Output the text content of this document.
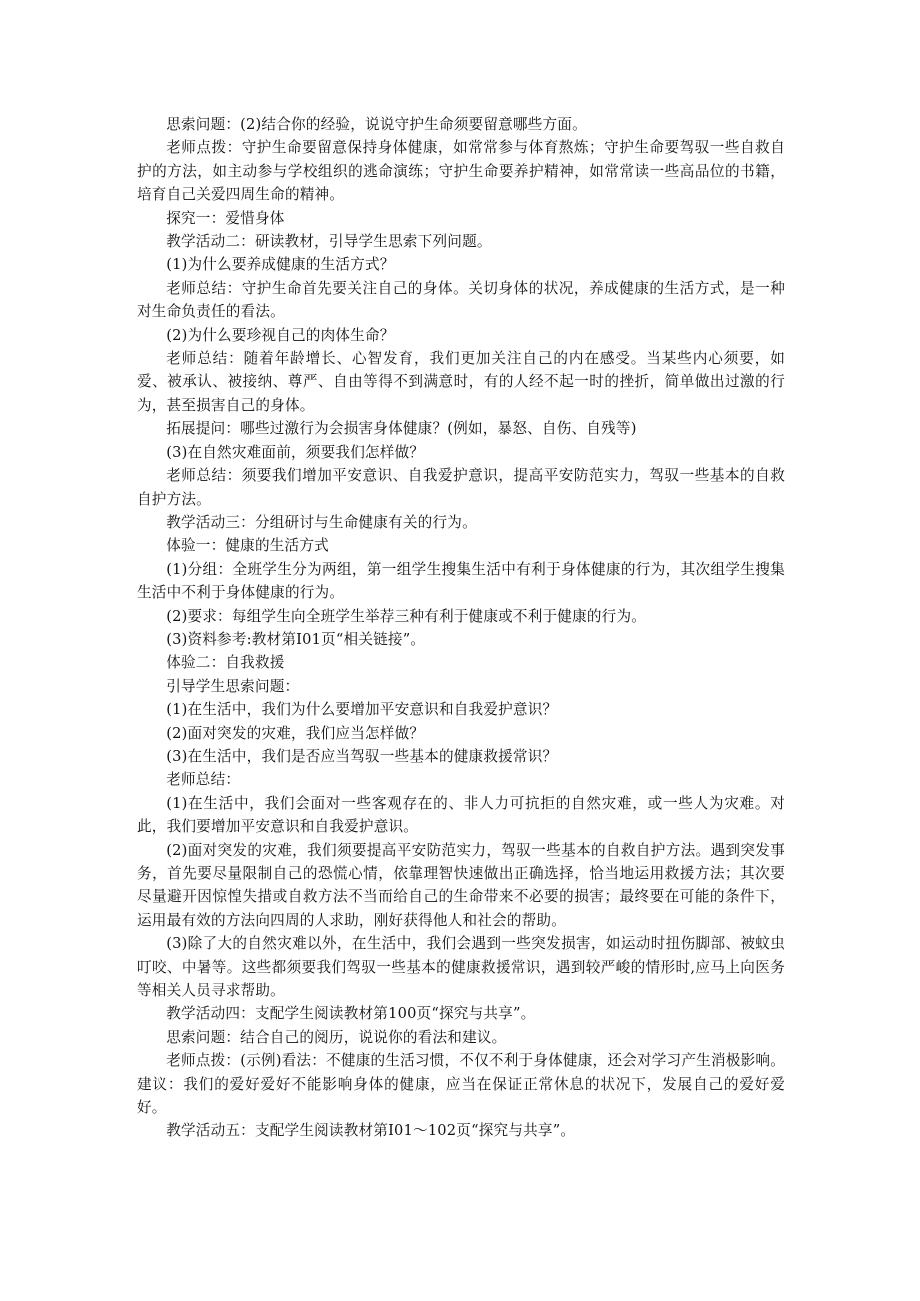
思索问题：(2)结合你的经验，说说守护生命须要留意哪些方面。

老师点拨：守护生命要留意保持身体健康，如常常参与体育熬炼；守护生命要驾驭一些自救自护的方法，如主动参与学校组织的逃命演练；守护生命要养护精神，如常常读一些高品位的书籍，培育自己关爱四周生命的精神。

探究一：爱惜身体

教学活动二：研读教材，引导学生思索下列问题。

(1)为什么要养成健康的生活方式？

老师总结：守护生命首先要关注自己的身体。关切身体的状况，养成健康的生活方式，是一种对生命负责任的看法。

(2)为什么要珍视自己的肉体生命？

老师总结：随着年龄增长、心智发育，我们更加关注自己的内在感受。当某些内心须要，如爱、被承认、被接纳、尊严、自由等得不到满意时，有的人经不起一时的挫折，简单做出过激的行为，甚至损害自己的身体。

拓展提问：哪些过激行为会损害身体健康？(例如，暴怒、自伤、自残等)

(3)在自然灾难面前，须要我们怎样做？

老师总结：须要我们增加平安意识、自我爱护意识，提高平安防范实力，驾驭一些基本的自救自护方法。

教学活动三：分组研讨与生命健康有关的行为。

体验一：健康的生活方式

(1)分组：全班学生分为两组，第一组学生搜集生活中有利于身体健康的行为，其次组学生搜集生活中不利于身体健康的行为。

(2)要求：每组学生向全班学生举荐三种有利于健康或不利于健康的行为。

(3)资料参考:教材第I01页“相关链接”。

体验二：自我救援

引导学生思索问题：

(1)在生活中，我们为什么要增加平安意识和自我爱护意识？

(2)面对突发的灾难，我们应当怎样做？

(3)在生活中，我们是否应当驾驭一些基本的健康救援常识？

老师总结：

(1)在生活中，我们会面对一些客观存在的、非人力可抗拒的自然灾难，或一些人为灾难。对此，我们要增加平安意识和自我爱护意识。

(2)面对突发的灾难，我们须要提高平安防范实力，驾驭一些基本的自救自护方法。遇到突发事务，首先要尽量限制自己的恐慌心情，依靠理智快速做出正确选择，恰当地运用救援方法；其次要尽量避开因惊惶失措或自救方法不当而给自己的生命带来不必要的损害；最终要在可能的条件下，运用最有效的方法向四周的人求助，刚好获得他人和社会的帮助。

(3)除了大的自然灾难以外，在生活中，我们会遇到一些突发损害，如运动时扭伤脚部、被蚊虫叮咬、中暑等。这些都须要我们驾驭一些基本的健康救援常识，遇到较严峻的情形时,应马上向医务等相关人员寻求帮助。

教学活动四：支配学生阅读教材第100页“探究与共享”。

思索问题：结合自己的阅历，说说你的看法和建议。

老师点拨：(示例)看法：不健康的生活习惯，不仅不利于身体健康，还会对学习产生消极影响。建议：我们的爱好爱好不能影响身体的健康，应当在保证正常休息的状况下，发展自己的爱好爱好。

教学活动五：支配学生阅读教材第I01～102页“探究与共享”。
